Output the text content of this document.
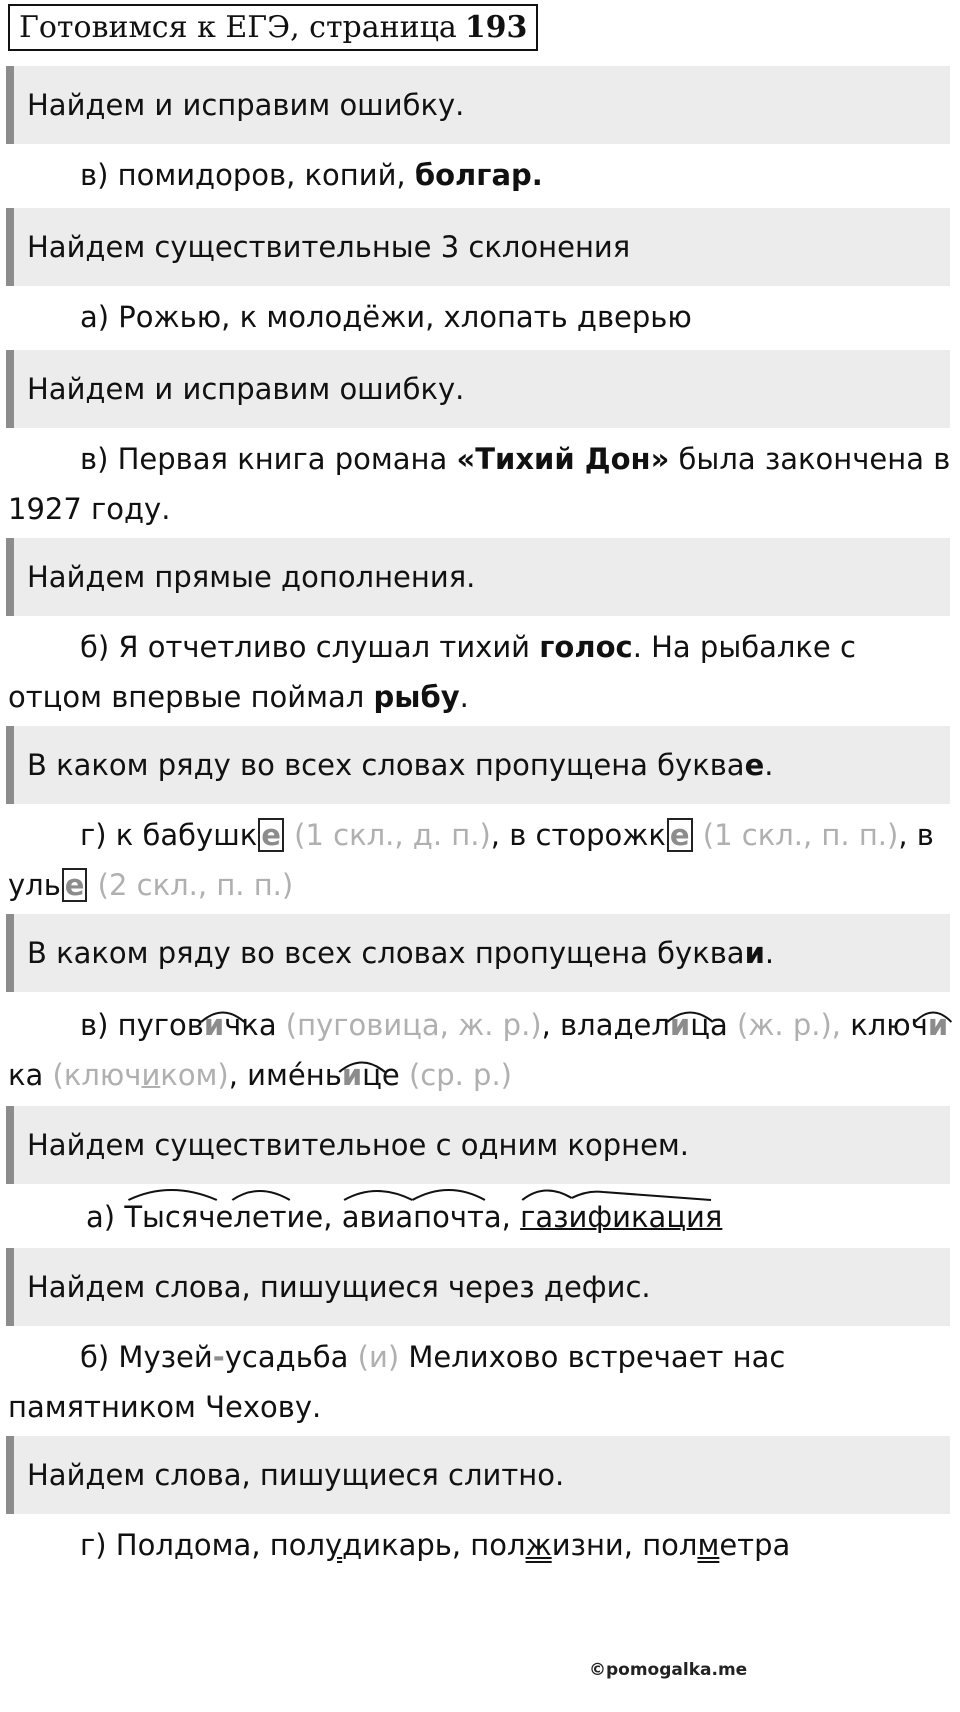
Готовимся к ЕГЭ, страница 193
Найдем и исправим ошибку.
в) помидоров, копий, болгар.
Найдем существительные 3 склонения
а) Рожью, к молодёжи, хлопать дверью
Найдем и исправим ошибку.
в) Первая книга романа «Тихий Дон» была закончена в 1927 году.
Найдем прямые дополнения.
б) Я отчетливо слушал тихий голос. На рыбалке с отцом впервые поймал рыбу.
В каком ряду во всех словах пропущена буква е .
г) к бабушк е (1 скл., д. п.), в сторожк е (1 скл., п. п.), в уль е (2 скл., п. п.)
В каком ряду во всех словах пропущена буква и .
в) пугов
ичка (пуговица, ж. р.), владел
ица (ж. р.), ключ
ика (ключиком), имéнь
ице (ср. р.)
Найдем существительное с одним корнем.
а)
Тысячелетие,
авиапочта,
газификация
Найдем слова, пишущиеся через дефис.
б) Музей-усадьба (и) Мелихово встречает нас памятником Чехову.
Найдем слова, пишущиеся слитно.
г) Полдома, полудикарь, полжизни, полметра
©pomogalka.me
